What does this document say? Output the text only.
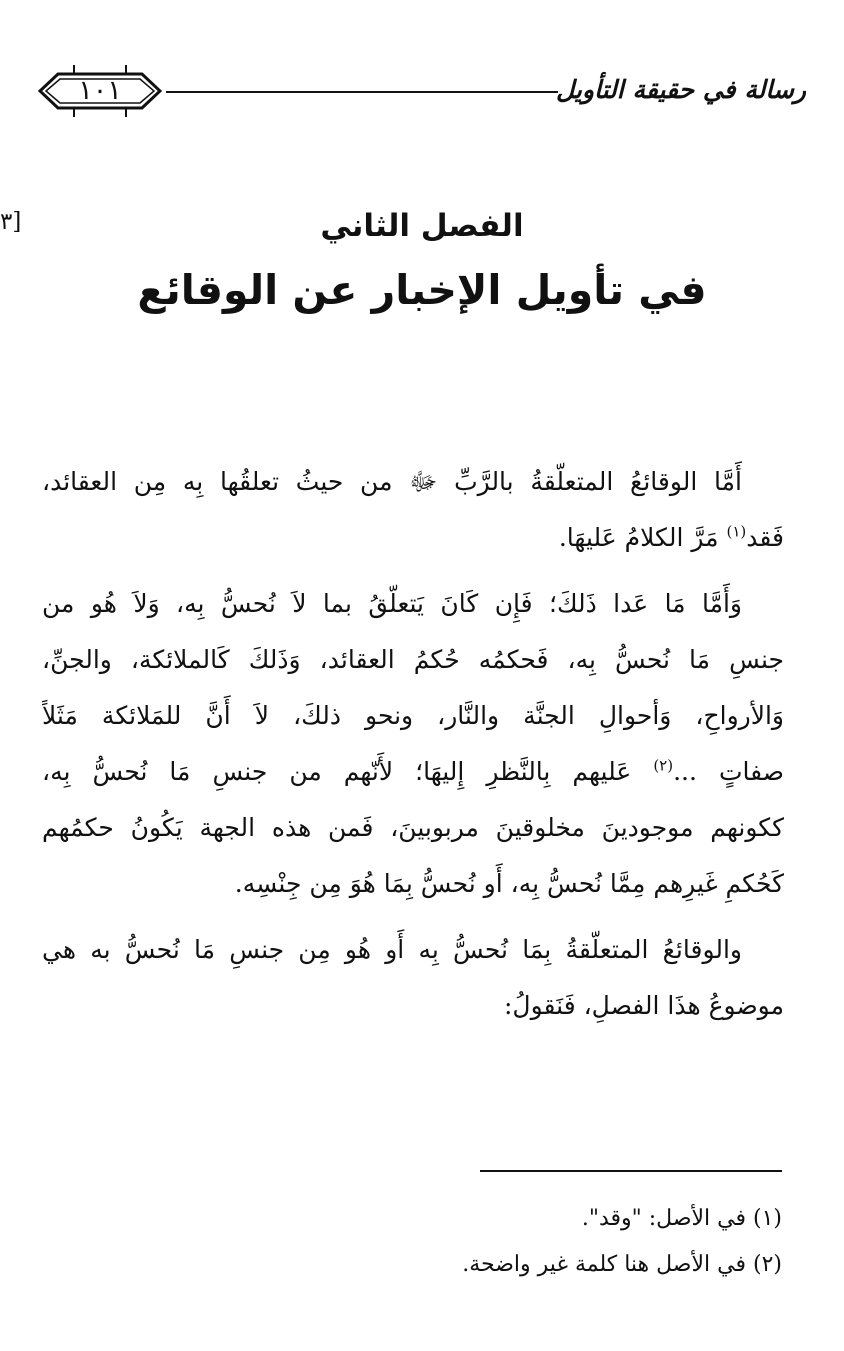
١٠١	رسالة في حقيقة التأويل
٣]	الفصل الثاني
في تأويل الإخبار عن الوقائع
أَمَّا الوقائعُ المتعلّقةُ بالرَّبِّ ﷻ من حيثُ تعلقُها بِه مِن العقائد،
فَقد$^{(١)}$ مَرَّ الكلامُ عَليهَا.
وَأَمَّا مَا عَدا ذَلكَ؛ فَإِن كَانَ يَتعلّقُ بما لاَ نُحسُّ بِه، وَلاَ هُو من
جنسِ مَا نُحسُّ بِه، فَحكمُه حُكمُ العقائد، وَذَلكَ كَالملائكة، والجنِّ،
وَالأرواحِ، وَأحوالِ الجنَّة والنَّار، ونحو ذلكَ، لاَ أَنَّ للمَلائكة مَثَلاً
صفاتٍ ...$^{(٢)}$ عَليهم بِالنَّظرِ إِليهَا؛ لأَنّهم من جنسِ مَا نُحسُّ بِه،
ككونهم موجودينَ مخلوقينَ مربوبينَ، فَمن هذه الجهة يَكُونُ حكمُهم
كَحُكمِ غَيرِهم مِمَّا نُحسُّ بِه، أَو نُحسُّ بِمَا هُوَ مِن جِنْسِه.
والوقائعُ المتعلّقةُ بِمَا نُحسُّ بِه أَو هُو مِن جنسِ مَا نُحسُّ به هي
موضوعُ هذَا الفصلِ، فَنَقولُ:
(١) في الأصل: "وقد".
(٢) في الأصل هنا كلمة غير واضحة.
